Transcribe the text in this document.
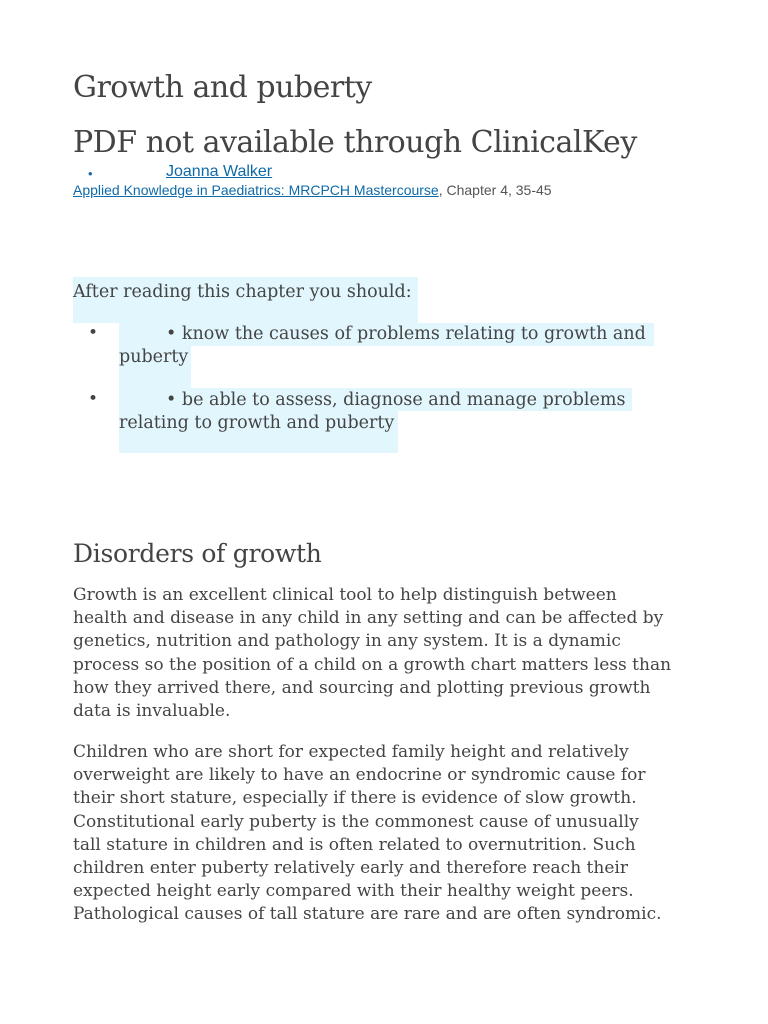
Growth and puberty
PDF not available through ClinicalKey
•	Joanna Walker
Applied Knowledge in Paediatrics: MRCPCH Mastercourse, Chapter 4, 35-45
After reading this chapter you should:
•	• know the causes of problems relating to growth and
puberty
•	• be able to assess, diagnose and manage problems
relating to growth and puberty
Disorders of growth

Growth is an excellent clinical tool to help distinguish between
health and disease in any child in any setting and can be affected by
genetics, nutrition and pathology in any system. It is a dynamic
process so the position of a child on a growth chart matters less than
how they arrived there, and sourcing and plotting previous growth
data is invaluable.

Children who are short for expected family height and relatively
overweight are likely to have an endocrine or syndromic cause for
their short stature, especially if there is evidence of slow growth.
Constitutional early puberty is the commonest cause of unusually
tall stature in children and is often related to overnutrition. Such
children enter puberty relatively early and therefore reach their
expected height early compared with their healthy weight peers.
Pathological causes of tall stature are rare and are often syndromic.
